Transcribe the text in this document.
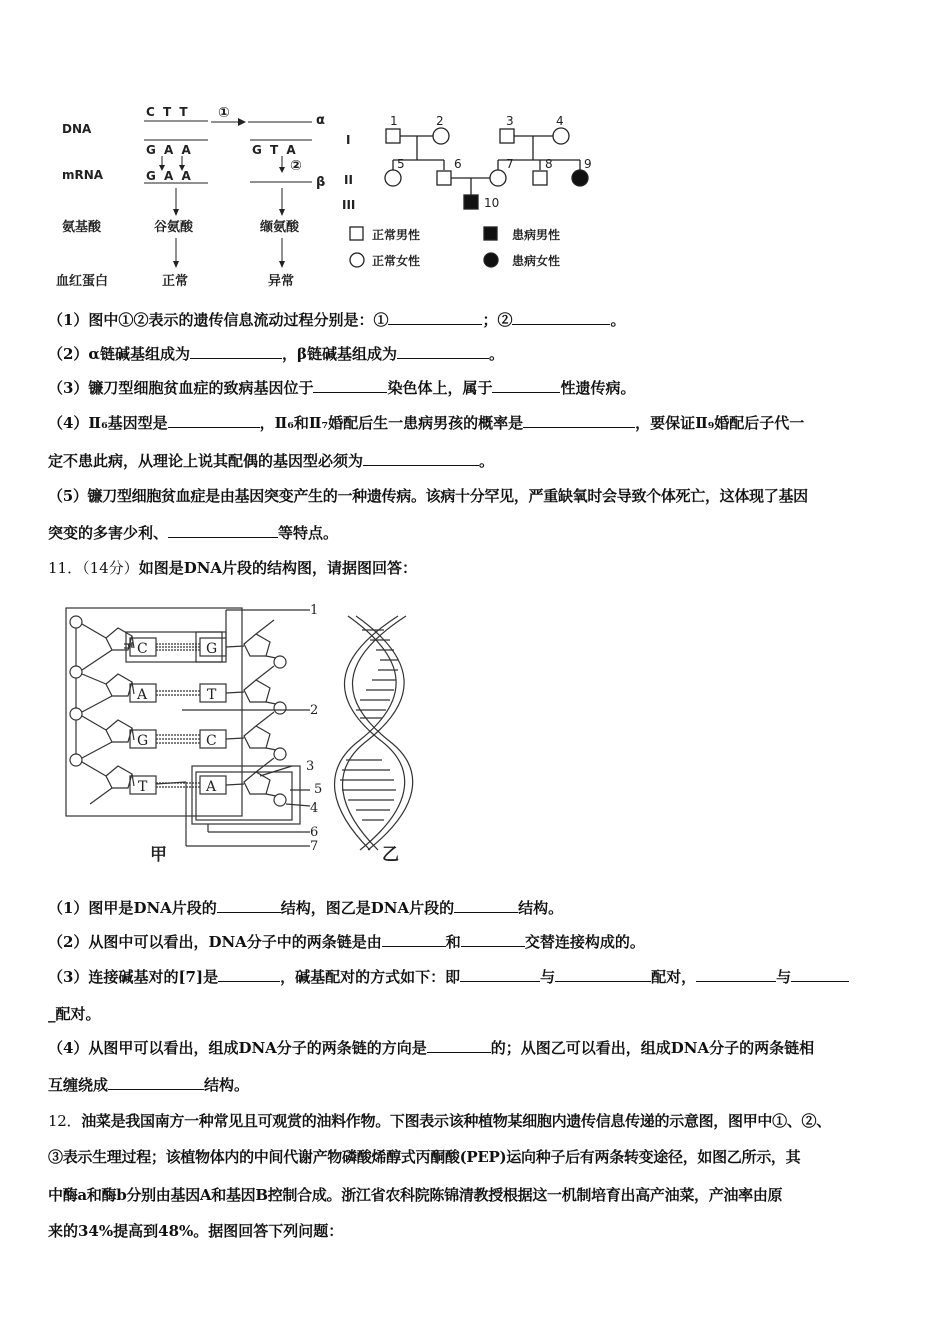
DNA
mRNA
氨基酸
血红蛋白
C T T
G A A
①	α
G T A
②
β
G A A
谷氨酸	缬氨酸
正常	异常
I
II
III
1	2	3	4
5	6	7	8	9
10
正常男性	患病男性
正常女性	患病女性
（1）图中①②表示的遗传信息流动过程分别是：①	；②	。
（2）α链碱基组成为	，β链碱基组成为	。
（3）镰刀型细胞贫血症的致病基因位于	染色体上，属于	性遗传病。
（4）Ⅱ₆基因型是	，Ⅱ₆和Ⅱ₇婚配后生一患病男孩的概率是	，要保证Ⅱ₉婚配后子代一
定不患此病，从理论上说其配偶的基因型必须为	。
（5）镰刀型细胞贫血症是由基因突变产生的一种遗传病。该病十分罕见，严重缺氧时会导致个体死亡，这体现了基因
突变的多害少利、	等特点。
11．（14分）如图是DNA片段的结构图，请据图回答：
C
A
G
T
G
T
C
A
1
2
3
5
4
6
7
甲	乙
（1）图甲是DNA片段的	结构，图乙是DNA片段的	结构。
（2）从图中可以看出，DNA分子中的两条链是由	和	交替连接构成的。
（3）连接碱基对的[7]是	，碱基配对的方式如下：即	与	配对，	与
_配对。
（4）从图甲可以看出，组成DNA分子的两条链的方向是	的；从图乙可以看出，组成DNA分子的两条链相
互缠绕成	结构。
12．油菜是我国南方一种常见且可观赏的油料作物。下图表示该种植物某细胞内遗传信息传递的示意图，图甲中①、②、
③表示生理过程；该植物体内的中间代谢产物磷酸烯醇式丙酮酸(PEP)运向种子后有两条转变途径，如图乙所示，其
中酶a和酶b分别由基因A和基因B控制合成。浙江省农科院陈锦清教授根据这一机制培育出高产油菜，产油率由原
来的34%提高到48%。据图回答下列问题：
